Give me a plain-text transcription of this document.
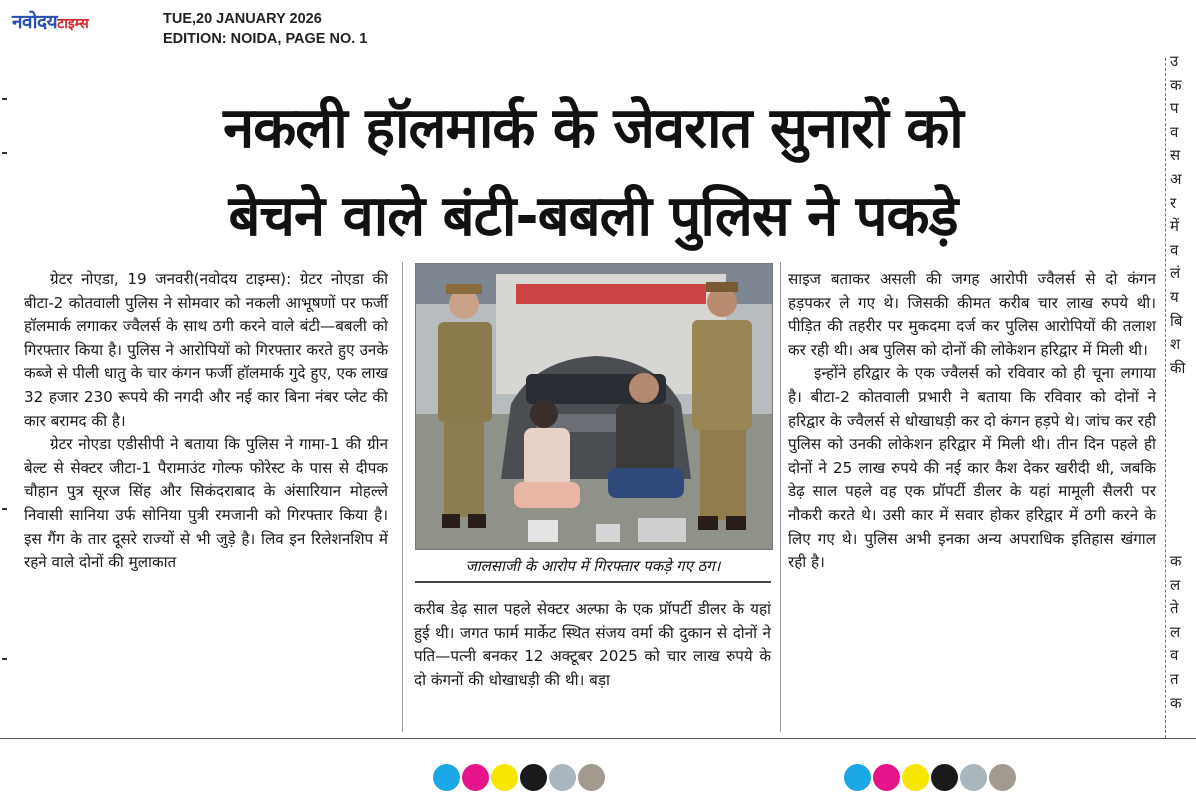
नवोदयटाइम्स	TUE,20 JANUARY 2026
EDITION: NOIDA, PAGE NO. 1
नकली हॉलमार्क के जेवरात सुनारों को
बेचने वाले बंटी-बबली पुलिस ने पकड़े

ग्रेटर नोएडा, 19 जनवरी(नवोदय टाइम्स): ग्रेटर नोएडा की बीटा-2 कोतवाली पुलिस ने सोमवार को नकली आभूषणों पर फर्जी हॉलमार्क लगाकर ज्वैलर्स के साथ ठगी करने वाले बंटी—बबली को गिरफ्तार किया है। पुलिस ने आरोपियों को गिरफ्तार करते हुए उनके कब्जे से पीली धातु के चार कंगन फर्जी हॉलमार्क गुदे हुए, एक लाख 32 हजार 230 रूपये की नगदी और नई कार बिना नंबर प्लेट की कार बरामद की है।

ग्रेटर नोएडा एडीसीपी ने बताया कि पुलिस ने गामा-1 की ग्रीन बेल्ट से सेक्टर जीटा-1 पैरामाउंट गोल्फ फोरेस्ट के पास से दीपक चौहान पुत्र सूरज सिंह और सिकंदराबाद के अंसारियान मोहल्ले निवासी सानिया उर्फ सोनिया पुत्री रमजानी को गिरफ्तार किया है। इस गैंग के तार दूसरे राज्यों से भी जुड़े है। लिव इन रिलेशनशिप में रहने वाले दोनों की मुलाकात	जालसाजी के आरोप में गिरफ्तार पकड़े गए ठग।

करीब डेढ़ साल पहले सेक्टर अल्फा के एक प्रॉपर्टी डीलर के यहां हुई थी। जगत फार्म मार्केट स्थित संजय वर्मा की दुकान से दोनों ने पति—पत्नी बनकर 12 अक्टूबर 2025 को चार लाख रुपये के दो कंगनों की धोखाधड़ी की थी। बड़ा

साइज बताकर असली की जगह आरोपी ज्वैलर्स से दो कंगन हड़पकर ले गए थे। जिसकी कीमत करीब चार लाख रुपये थी। पीड़ित की तहरीर पर मुकदमा दर्ज कर पुलिस आरोपियों की तलाश कर रही थी। अब पुलिस को दोनों की लोकेशन हरिद्वार में मिली थी।

इन्होंने हरिद्वार के एक ज्वैलर्स को रविवार को ही चूना लगाया है। बीटा-2 कोतवाली प्रभारी ने बताया कि रविवार को दोनों ने हरिद्वार के ज्वैलर्स से धोखाधड़ी कर दो कंगन हड़पे थे। जांच कर रही पुलिस को उनकी लोकेशन हरिद्वार में मिली थी। तीन दिन पहले ही दोनों ने 25 लाख रुपये की नई कार कैश देकर खरीदी थी, जबकि डेढ़ साल पहले वह एक प्रॉपर्टी डीलर के यहां मामूली सैलरी पर नौकरी करते थे। उसी कार में सवार होकर हरिद्वार में ठगी करने के लिए गए थे। पुलिस अभी इनका अन्य अपराधिक इतिहास खंगाल रही है।

उ
क
प
व
स
अ
र
में
व
लं
य
बि
श
की
क
ल
ते
ल
व
त
क
